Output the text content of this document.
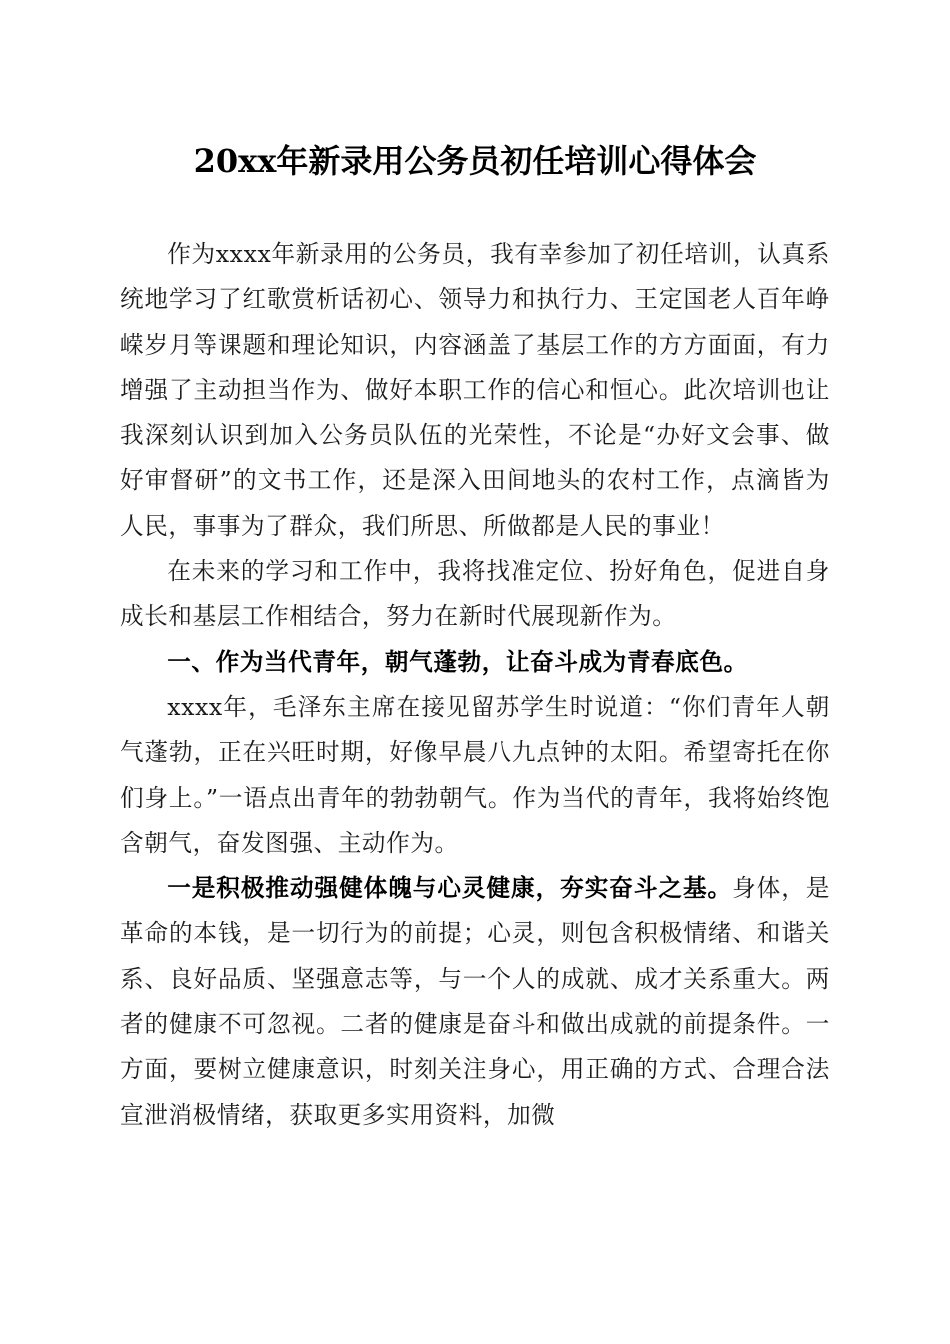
20xx年新录用公务员初任培训心得体会

作为xxxx年新录用的公务员，我有幸参加了初任培训，认真系统地学习了红歌赏析话初心、领导力和执行力、王定国老人百年峥嵘岁月等课题和理论知识，内容涵盖了基层工作的方方面面，有力增强了主动担当作为、做好本职工作的信心和恒心。此次培训也让我深刻认识到加入公务员队伍的光荣性，不论是“办好文会事、做好审督研”的文书工作，还是深入田间地头的农村工作，点滴皆为人民，事事为了群众，我们所思、所做都是人民的事业！

在未来的学习和工作中，我将找准定位、扮好角色，促进自身成长和基层工作相结合，努力在新时代展现新作为。

一、作为当代青年，朝气蓬勃，让奋斗成为青春底色。

xxxx年，毛泽东主席在接见留苏学生时说道：“你们青年人朝气蓬勃，正在兴旺时期，好像早晨八九点钟的太阳。希望寄托在你们身上。”一语点出青年的勃勃朝气。作为当代的青年，我将始终饱含朝气，奋发图强、主动作为。

一是积极推动强健体魄与心灵健康，夯实奋斗之基。身体，是革命的本钱，是一切行为的前提；心灵，则包含积极情绪、和谐关系、良好品质、坚强意志等，与一个人的成就、成才关系重大。两者的健康不可忽视。二者的健康是奋斗和做出成就的前提条件。一方面，要树立健康意识，时刻关注身心，用正确的方式、合理合法宣泄消极情绪，获取更多实用资料，加微
